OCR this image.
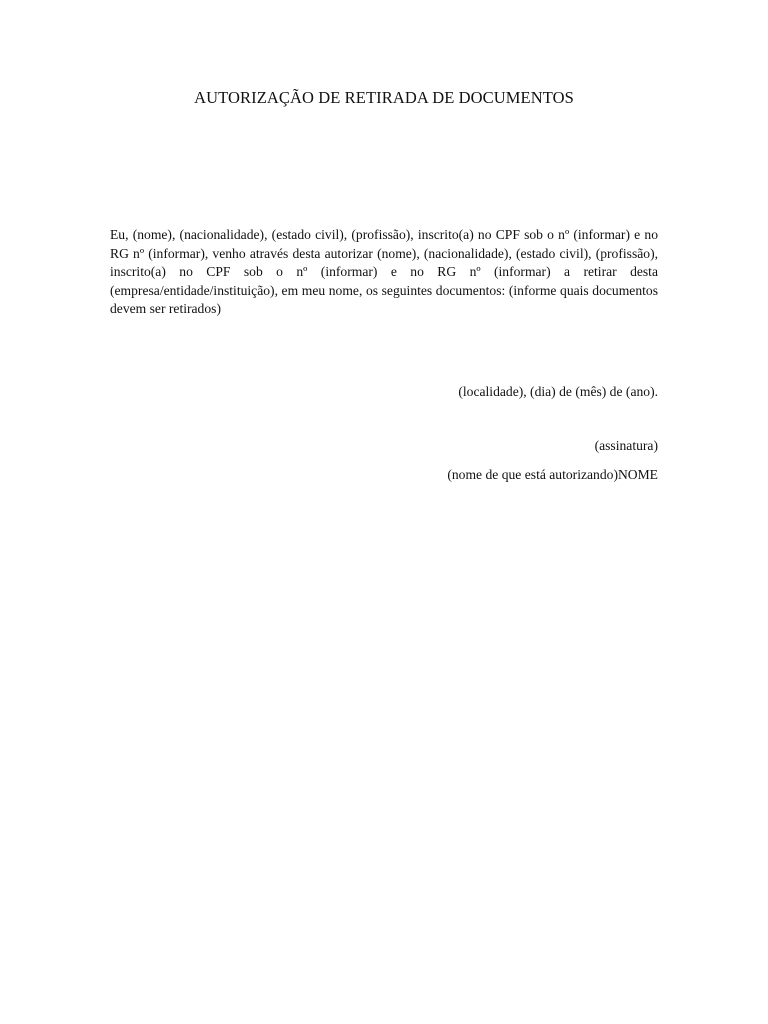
AUTORIZAÇÃO DE RETIRADA DE DOCUMENTOS

Eu, (nome), (nacionalidade), (estado civil), (profissão), inscrito(a) no CPF sob o nº (informar) e no RG nº (informar), venho através desta autorizar (nome), (nacionalidade), (estado civil), (profissão), inscrito(a) no CPF sob o nº (informar) e no RG nº (informar) a retirar desta (empresa/entidade/instituição), em meu nome, os seguintes documentos: (informe quais documentos devem ser retirados)

(localidade), (dia) de (mês) de (ano).

(assinatura)

(nome de que está autorizando)NOME
